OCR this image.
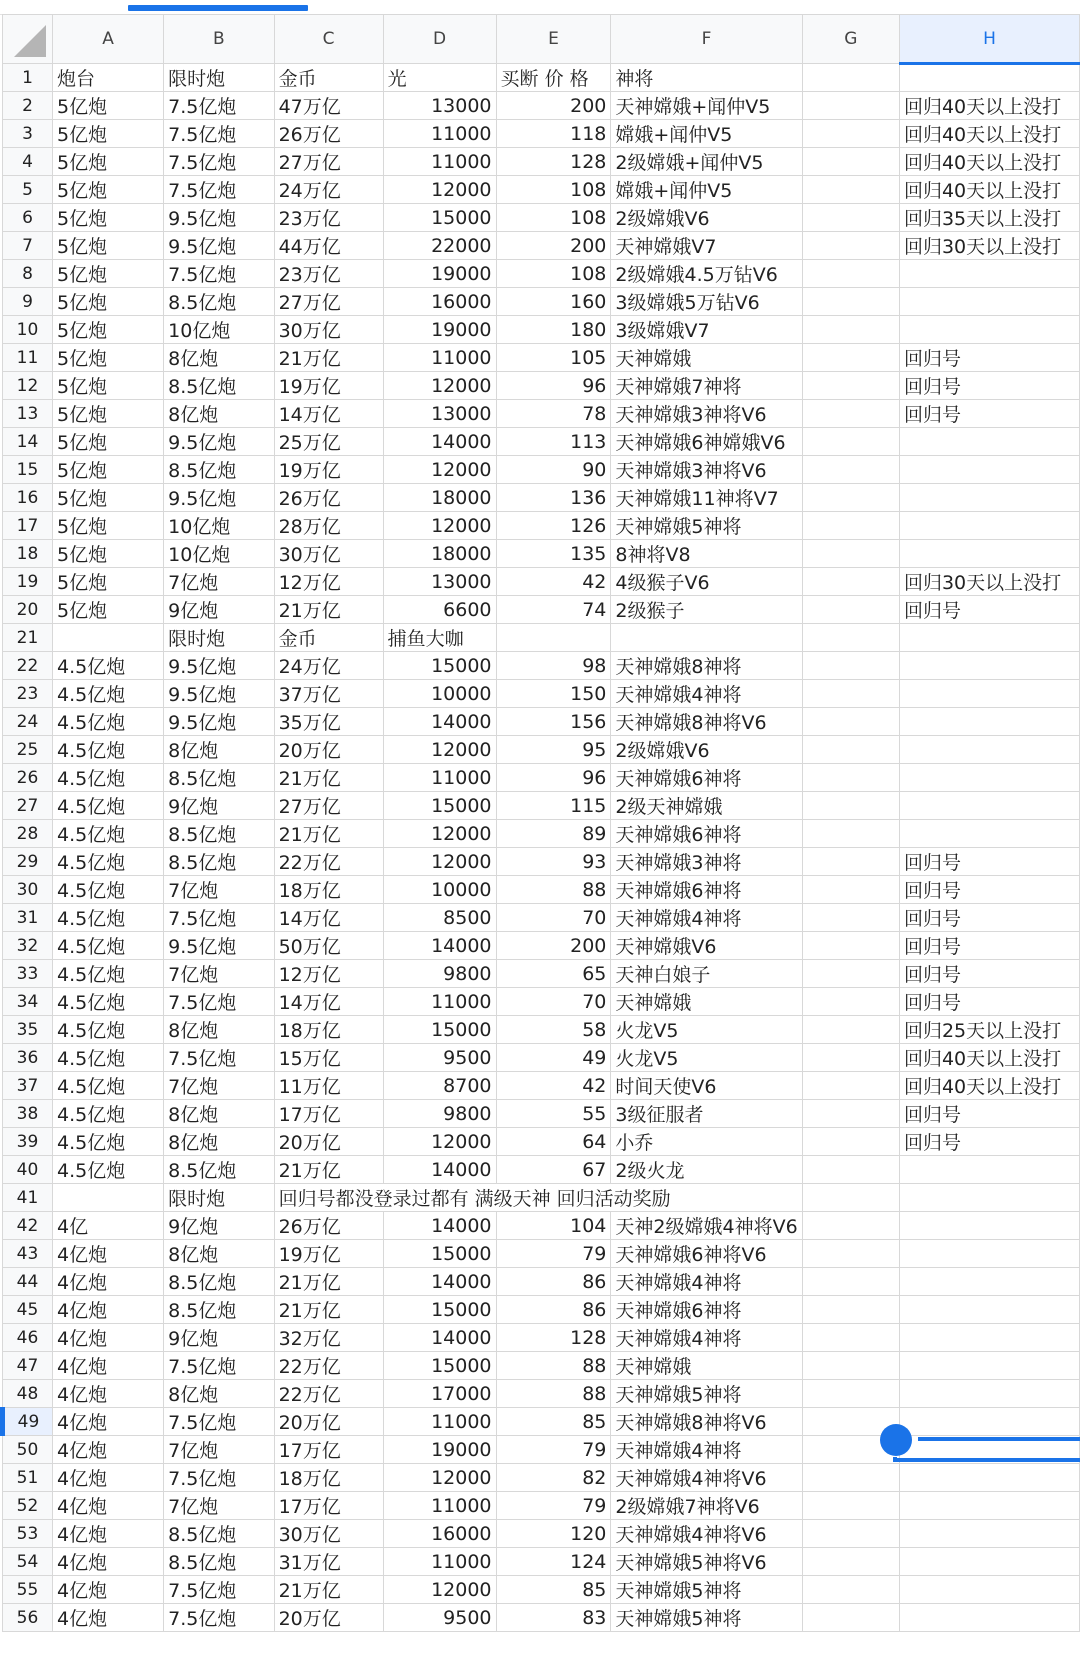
	A	B	C	D	E	F	G	H
1	炮台	限时炮	金币	光	买断 价 格	神将		
2	5亿炮	7.5亿炮	47万亿	13000	200	天神嫦娥+闻仲V5		回归40天以上没打
3	5亿炮	7.5亿炮	26万亿	11000	118	嫦娥+闻仲V5		回归40天以上没打
4	5亿炮	7.5亿炮	27万亿	11000	128	2级嫦娥+闻仲V5		回归40天以上没打
5	5亿炮	7.5亿炮	24万亿	12000	108	嫦娥+闻仲V5		回归40天以上没打
6	5亿炮	9.5亿炮	23万亿	15000	108	2级嫦娥V6		回归35天以上没打
7	5亿炮	9.5亿炮	44万亿	22000	200	天神嫦娥V7		回归30天以上没打
8	5亿炮	7.5亿炮	23万亿	19000	108	2级嫦娥4.5万钻V6		
9	5亿炮	8.5亿炮	27万亿	16000	160	3级嫦娥5万钻V6		
10	5亿炮	10亿炮	30万亿	19000	180	3级嫦娥V7		
11	5亿炮	8亿炮	21万亿	11000	105	天神嫦娥		回归号
12	5亿炮	8.5亿炮	19万亿	12000	96	天神嫦娥7神将		回归号
13	5亿炮	8亿炮	14万亿	13000	78	天神嫦娥3神将V6		回归号
14	5亿炮	9.5亿炮	25万亿	14000	113	天神嫦娥6神嫦娥V6		
15	5亿炮	8.5亿炮	19万亿	12000	90	天神嫦娥3神将V6		
16	5亿炮	9.5亿炮	26万亿	18000	136	天神嫦娥11神将V7		
17	5亿炮	10亿炮	28万亿	12000	126	天神嫦娥5神将		
18	5亿炮	10亿炮	30万亿	18000	135	8神将V8		
19	5亿炮	7亿炮	12万亿	13000	42	4级猴子V6		回归30天以上没打
20	5亿炮	9亿炮	21万亿	6600	74	2级猴子		回归号
21		限时炮	金币	捕鱼大咖				
22	4.5亿炮	9.5亿炮	24万亿	15000	98	天神嫦娥8神将		
23	4.5亿炮	9.5亿炮	37万亿	10000	150	天神嫦娥4神将		
24	4.5亿炮	9.5亿炮	35万亿	14000	156	天神嫦娥8神将V6		
25	4.5亿炮	8亿炮	20万亿	12000	95	2级嫦娥V6		
26	4.5亿炮	8.5亿炮	21万亿	11000	96	天神嫦娥6神将		
27	4.5亿炮	9亿炮	27万亿	15000	115	2级天神嫦娥		
28	4.5亿炮	8.5亿炮	21万亿	12000	89	天神嫦娥6神将		
29	4.5亿炮	8.5亿炮	22万亿	12000	93	天神嫦娥3神将		回归号
30	4.5亿炮	7亿炮	18万亿	10000	88	天神嫦娥6神将		回归号
31	4.5亿炮	7.5亿炮	14万亿	8500	70	天神嫦娥4神将		回归号
32	4.5亿炮	9.5亿炮	50万亿	14000	200	天神嫦娥V6		回归号
33	4.5亿炮	7亿炮	12万亿	9800	65	天神白娘子		回归号
34	4.5亿炮	7.5亿炮	14万亿	11000	70	天神嫦娥		回归号
35	4.5亿炮	8亿炮	18万亿	15000	58	火龙V5		回归25天以上没打
36	4.5亿炮	7.5亿炮	15万亿	9500	49	火龙V5		回归40天以上没打
37	4.5亿炮	7亿炮	11万亿	8700	42	时间天使V6		回归40天以上没打
38	4.5亿炮	8亿炮	17万亿	9800	55	3级征服者		回归号
39	4.5亿炮	8亿炮	20万亿	12000	64	小乔		回归号
40	4.5亿炮	8.5亿炮	21万亿	14000	67	2级火龙		
41		限时炮	回归号都没登录过都有 满级天神 回归活动奖励					
42	4亿	9亿炮	26万亿	14000	104	天神2级嫦娥4神将V6		
43	4亿炮	8亿炮	19万亿	15000	79	天神嫦娥6神将V6		
44	4亿炮	8.5亿炮	21万亿	14000	86	天神嫦娥4神将		
45	4亿炮	8.5亿炮	21万亿	15000	86	天神嫦娥6神将		
46	4亿炮	9亿炮	32万亿	14000	128	天神嫦娥4神将		
47	4亿炮	7.5亿炮	22万亿	15000	88	天神嫦娥		
48	4亿炮	8亿炮	22万亿	17000	88	天神嫦娥5神将		
49	4亿炮	7.5亿炮	20万亿	11000	85	天神嫦娥8神将V6		
50	4亿炮	7亿炮	17万亿	19000	79	天神嫦娥4神将		
51	4亿炮	7.5亿炮	18万亿	12000	82	天神嫦娥4神将V6		
52	4亿炮	7亿炮	17万亿	11000	79	2级嫦娥7神将V6		
53	4亿炮	8.5亿炮	30万亿	16000	120	天神嫦娥4神将V6		
54	4亿炮	8.5亿炮	31万亿	11000	124	天神嫦娥5神将V6		
55	4亿炮	7.5亿炮	21万亿	12000	85	天神嫦娥5神将		
56	4亿炮	7.5亿炮	20万亿	9500	83	天神嫦娥5神将		
